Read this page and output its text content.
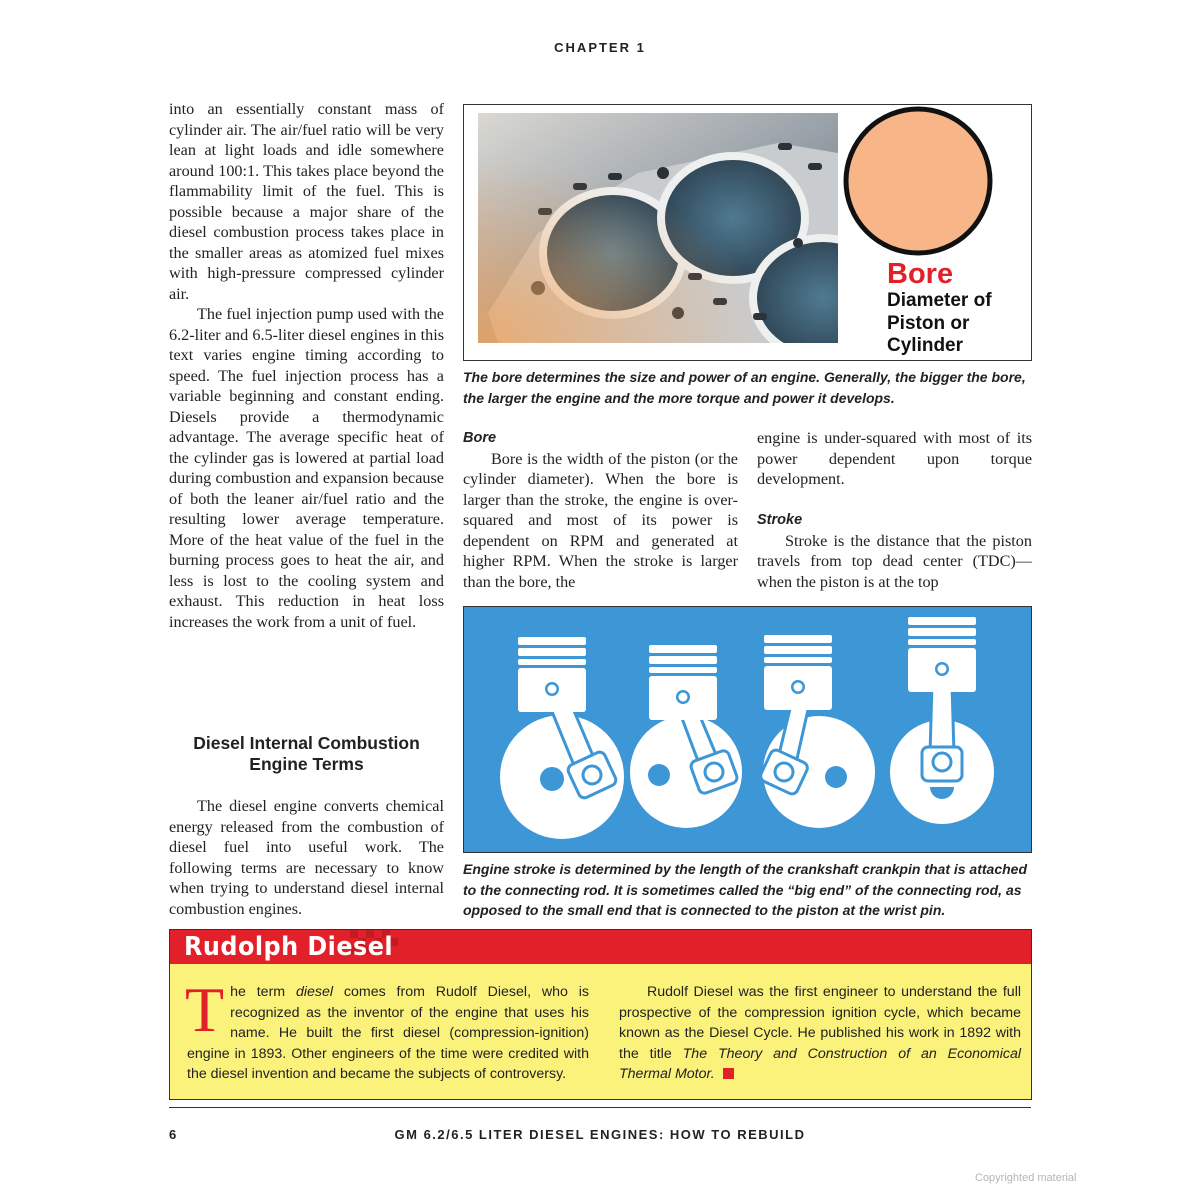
CHAPTER 1

into an essentially constant mass of cylinder air. The air/fuel ratio will be very lean at light loads and idle somewhere around 100:1. This takes place beyond the flammability limit of the fuel. This is possible because a major share of the diesel combustion process takes place in the smaller areas as atomized fuel mixes with high-pressure compressed cylinder air.

The fuel injection pump used with the 6.2-liter and 6.5-liter diesel engines in this text varies engine timing according to speed. The fuel injection process has a variable beginning and constant ending. Diesels provide a thermodynamic advantage. The average specific heat of the cylinder gas is lowered at partial load during combustion and expansion because of both the leaner air/fuel ratio and the resulting lower average temperature. More of the heat value of the fuel in the burning process goes to heat the air, and less is lost to the cooling system and exhaust. This reduction in heat loss increases the work from a unit of fuel.

Diesel Internal Combustion Engine Terms

The diesel engine converts chemical energy released from the combustion of diesel fuel into useful work. The following terms are necessary to know when trying to understand diesel internal combustion engines.

Bore
Diameter of
Piston or
Cylinder

The bore determines the size and power of an engine. Generally, the bigger the bore, the larger the engine and the more torque and power it develops.

Bore

Bore is the width of the piston (or the cylinder diameter). When the bore is larger than the stroke, the engine is over-squared and most of its power is dependent on RPM and generated at higher RPM. When the stroke is larger than the bore, the

engine is under-squared with most of its power dependent upon torque development.

Stroke

Stroke is the distance that the piston travels from top dead center (TDC)—when the piston is at the top

Engine stroke is determined by the length of the crankshaft crankpin that is attached to the connecting rod. It is sometimes called the “big end” of the connecting rod, as opposed to the small end that is connected to the piston at the wrist pin.

Rudolph Diesel

The term diesel comes from Rudolf Diesel, who is recognized as the inventor of the engine that uses his name. He built the first diesel (compression-ignition) engine in 1893. Other engineers of the time were credited with the diesel invention and became the subjects of controversy.

Rudolf Diesel was the first engineer to understand the full prospective of the compression ignition cycle, which became known as the Diesel Cycle. He published his work in 1892 with the title The Theory and Construction of an Economical Thermal Motor.

6	GM 6.2/6.5 LITER DIESEL ENGINES: HOW TO REBUILD
Copyrighted material
